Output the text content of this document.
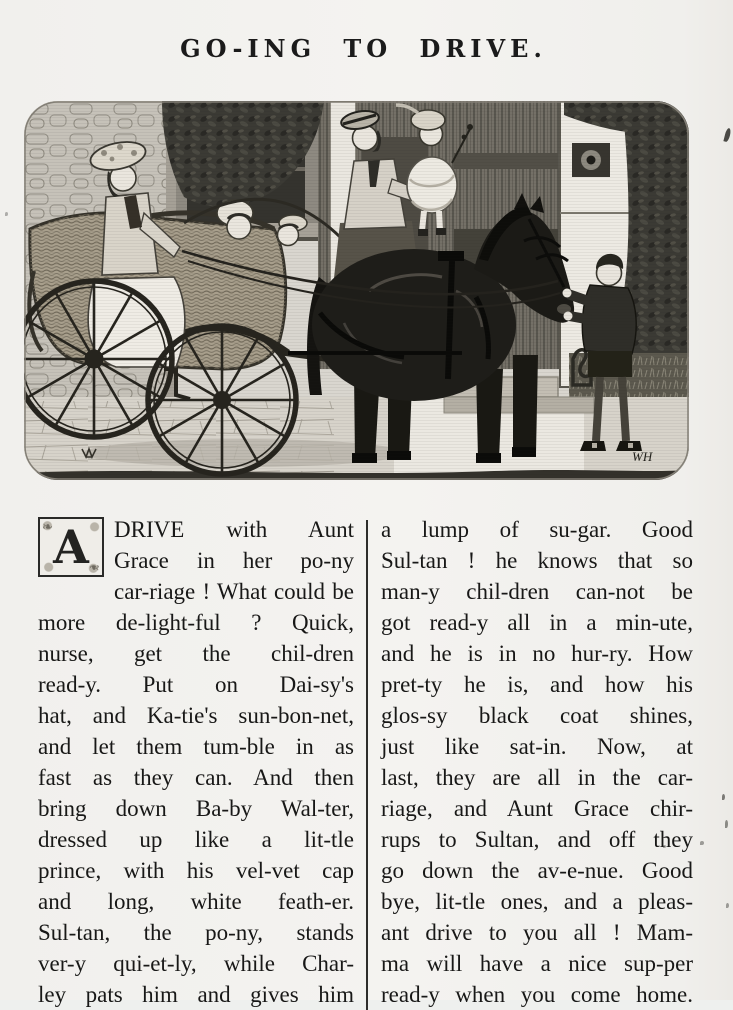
GO-ING TO DRIVE.
WH
❧ A ❧
DRIVE with Aunt
Grace in her po-ny
car-riage ! What could be
more de-light-ful ? Quick,
nurse, get the chil-dren
read-y. Put on Dai-sy's
hat, and Ka-tie's sun-bon-net,
and let them tum-ble in as
fast as they can. And then
bring down Ba-by Wal-ter,
dressed up like a lit-tle
prince, with his vel-vet cap
and long, white feath-er.
Sul-tan, the po-ny, stands
ver-y qui-et-ly, while Char-
ley pats him and gives him
a lump of su-gar. Good
Sul-tan ! he knows that so
man-y chil-dren can-not be
got read-y all in a min-ute,
and he is in no hur-ry. How
pret-ty he is, and how his
glos-sy black coat shines,
just like sat-in. Now, at
last, they are all in the car-
riage, and Aunt Grace chir-
rups to Sultan, and off they
go down the av-e-nue. Good
bye, lit-tle ones, and a pleas-
ant drive to you all ! Mam-
ma will have a nice sup-per
read-y when you come home.
